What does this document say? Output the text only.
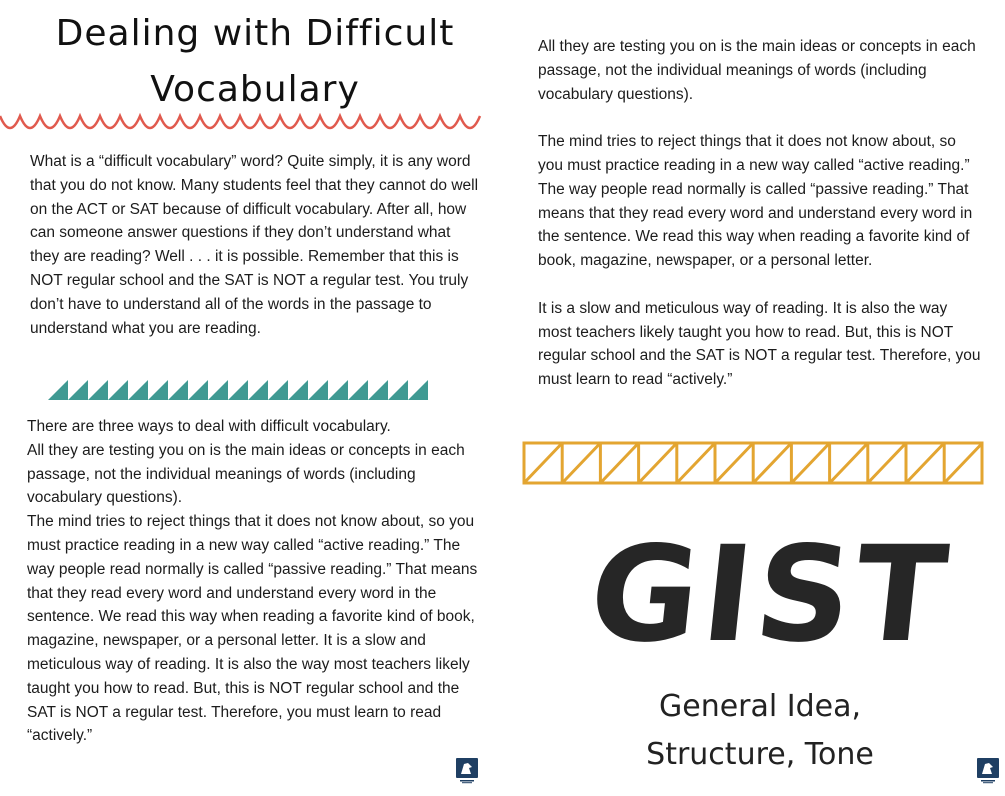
Dealing with Difficult
Vocabulary

What is a “difficult vocabulary” word? Quite simply, it is any word that you do not know. Many students feel that they cannot do well on the ACT or SAT because of difficult vocabulary. After all, how can someone answer questions if they don’t understand what they are reading? Well . . . it is possible. Remember that this is NOT regular school and the SAT is NOT a regular test. You truly don’t have to understand all of the words in the passage to understand what you are reading.

There are three ways to deal with difficult vocabulary.

All they are testing you on is the main ideas or concepts in each passage, not the individual meanings of words (including vocabulary questions).

The mind tries to reject things that it does not know about, so you must practice reading in a new way called “active reading.” The way people read normally is called “passive reading.” That means that they read every word and understand every word in the sentence. We read this way when reading a favorite kind of book, magazine, newspaper, or a personal letter. It is a slow and meticulous way of reading. It is also the way most teachers likely taught you how to read. But, this is NOT regular school and the SAT is NOT a regular test. Therefore, you must learn to read “actively.”

All they are testing you on is the main ideas or concepts in each passage, not the individual meanings of words (including vocabulary questions).

The mind tries to reject things that it does not know about, so you must practice reading in a new way called “active reading.” The way people read normally is called “passive reading.” That means that they read every word and understand every word in the sentence. We read this way when reading a favorite kind of book, magazine, newspaper, or a personal letter.

It is a slow and meticulous way of reading. It is also the way most teachers likely taught you how to read. But, this is NOT regular school and the SAT is NOT a regular test. Therefore, you must learn to read “actively.”

GIST
General Idea,
Structure, Tone
